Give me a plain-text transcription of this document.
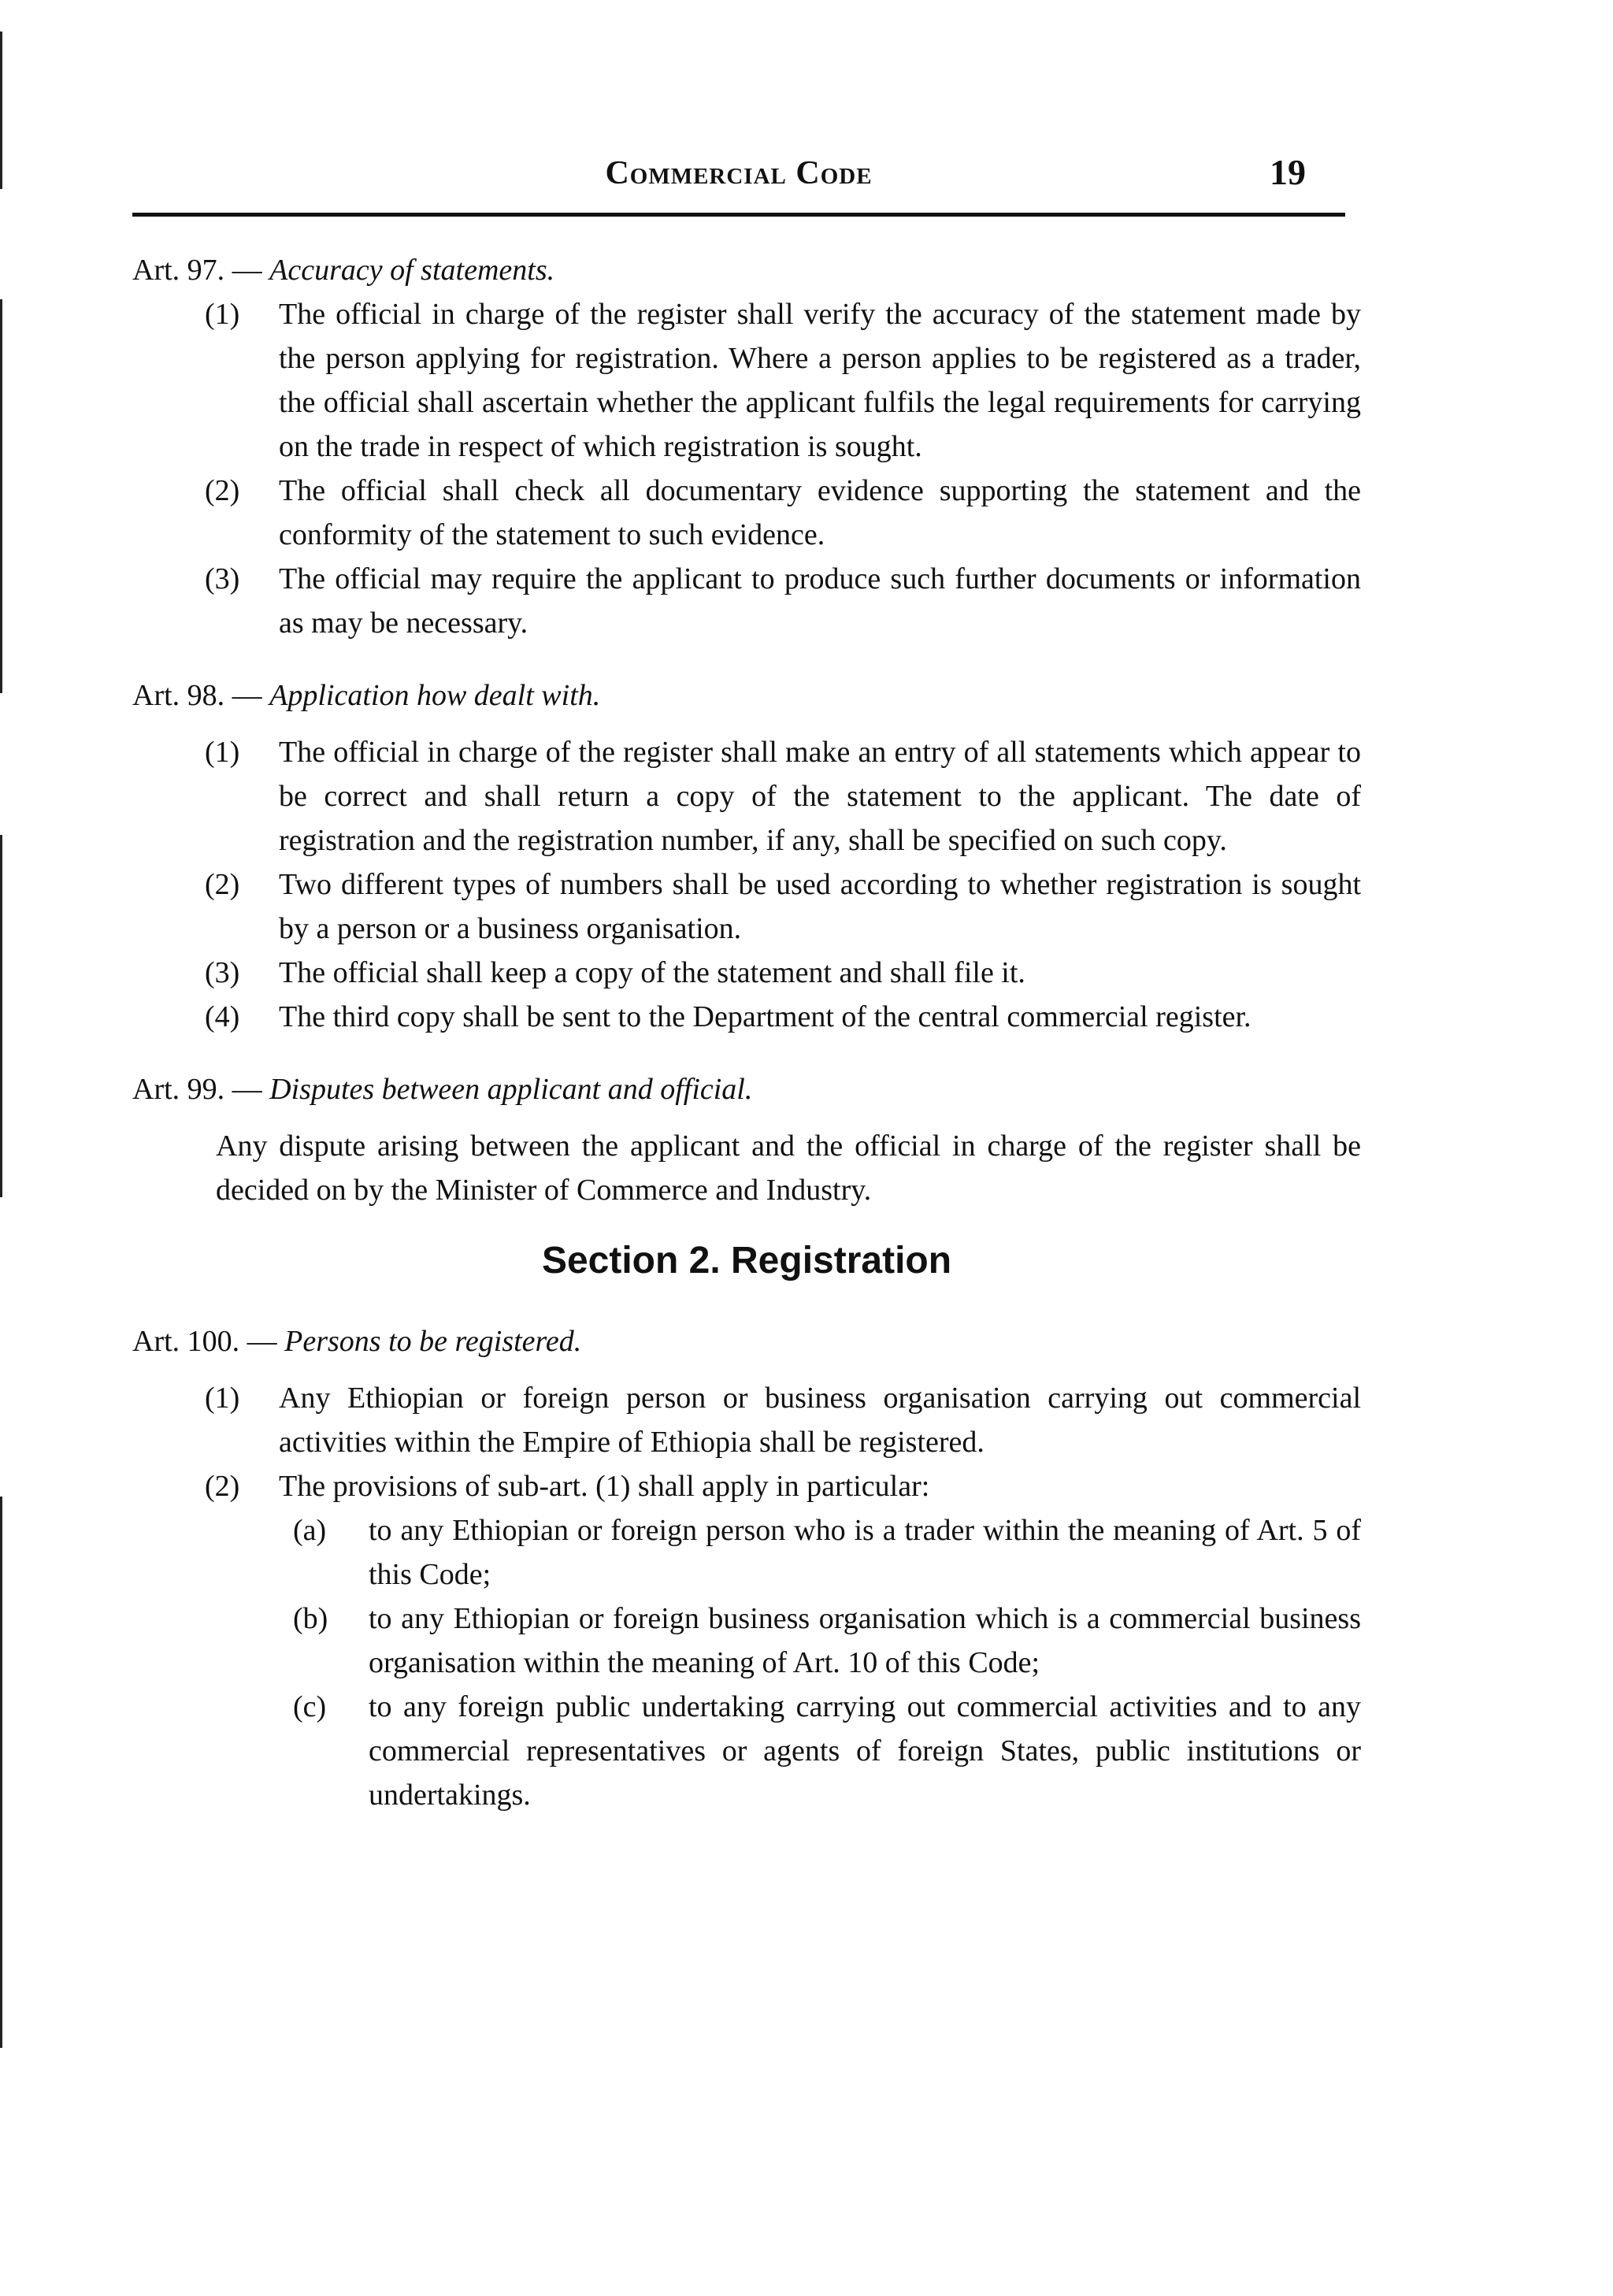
Commercial Code	19

Art. 97. — Accuracy of statements.

(1) The official in charge of the register shall verify the accuracy of the statement made by the person applying for registration. Where a person applies to be registered as a trader, the official shall ascertain whether the applicant fulfils the legal requirements for carrying on the trade in respect of which registration is sought.

(2) The official shall check all documentary evidence supporting the statement and the conformity of the statement to such evidence.

(3) The official may require the applicant to produce such further documents or information as may be necessary.

Art. 98. — Application how dealt with.

(1) The official in charge of the register shall make an entry of all statements which appear to be correct and shall return a copy of the statement to the applicant. The date of registration and the registration number, if any, shall be specified on such copy.

(2) Two different types of numbers shall be used according to whether registration is sought by a person or a business organisation.

(3) The official shall keep a copy of the statement and shall file it.

(4) The third copy shall be sent to the Department of the central commercial register.

Art. 99. — Disputes between applicant and official.

Any dispute arising between the applicant and the official in charge of the register shall be decided on by the Minister of Commerce and Industry.

Section 2. Registration

Art. 100. — Persons to be registered.

(1) Any Ethiopian or foreign person or business organisation carrying out commercial activities within the Empire of Ethiopia shall be registered.

(2) The provisions of sub-art. (1) shall apply in particular:

(a) to any Ethiopian or foreign person who is a trader within the meaning of Art. 5 of this Code;

(b) to any Ethiopian or foreign business organisation which is a commercial business organisation within the meaning of Art. 10 of this Code;

(c) to any foreign public undertaking carrying out commercial activities and to any commercial representatives or agents of foreign States, public institutions or undertakings.
